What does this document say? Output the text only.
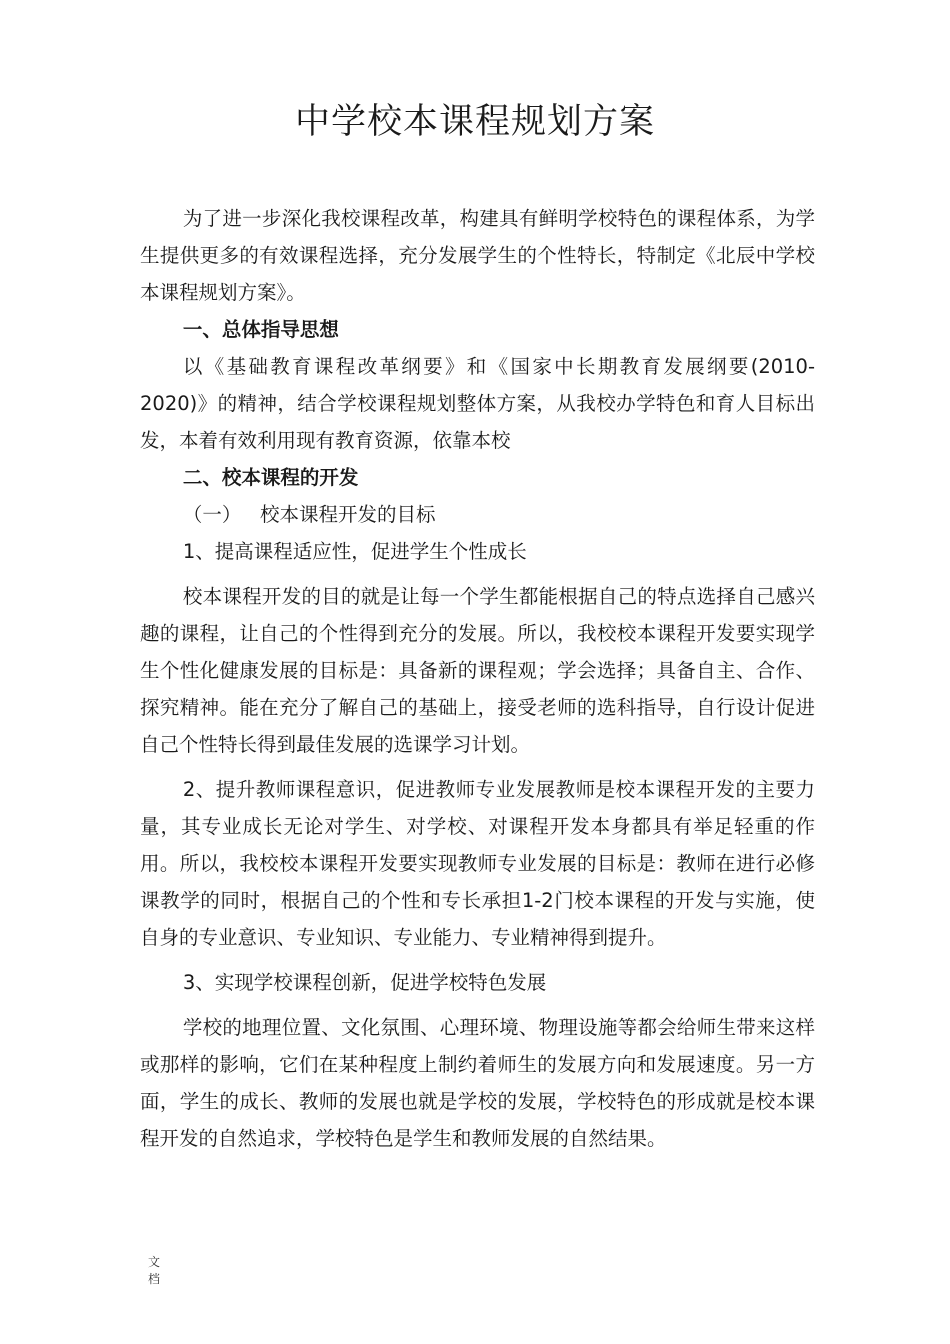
中学校本课程规划方案

为了进一步深化我校课程改革，构建具有鲜明学校特色的课程体系，为学生提供更多的有效课程选择，充分发展学生的个性特长，特制定《北辰中学校本课程规划方案》。

一、总体指导思想

以《基础教育课程改革纲要》和《国家中长期教育发展纲要(2010-2020)》的精神，结合学校课程规划整体方案，从我校办学特色和育人目标出发，本着有效利用现有教育资源，依靠本校

二、校本课程的开发

（一）   校本课程开发的目标

1、提高课程适应性，促进学生个性成长

校本课程开发的目的就是让每一个学生都能根据自己的特点选择自己感兴趣的课程，让自己的个性得到充分的发展。所以，我校校本课程开发要实现学生个性化健康发展的目标是：具备新的课程观；学会选择；具备自主、合作、探究精神。能在充分了解自己的基础上，接受老师的选科指导，自行设计促进自己个性特长得到最佳发展的选课学习计划。

2、提升教师课程意识，促进教师专业发展教师是校本课程开发的主要力量，其专业成长无论对学生、对学校、对课程开发本身都具有举足轻重的作用。所以，我校校本课程开发要实现教师专业发展的目标是：教师在进行必修课教学的同时，根据自己的个性和专长承担1-2门校本课程的开发与实施，使自身的专业意识、专业知识、专业能力、专业精神得到提升。

3、实现学校课程创新，促进学校特色发展

学校的地理位置、文化氛围、心理环境、物理设施等都会给师生带来这样或那样的影响，它们在某种程度上制约着师生的发展方向和发展速度。另一方面，学生的成长、教师的发展也就是学校的发展，学校特色的形成就是校本课程开发的自然追求，学校特色是学生和教师发展的自然结果。

文档
